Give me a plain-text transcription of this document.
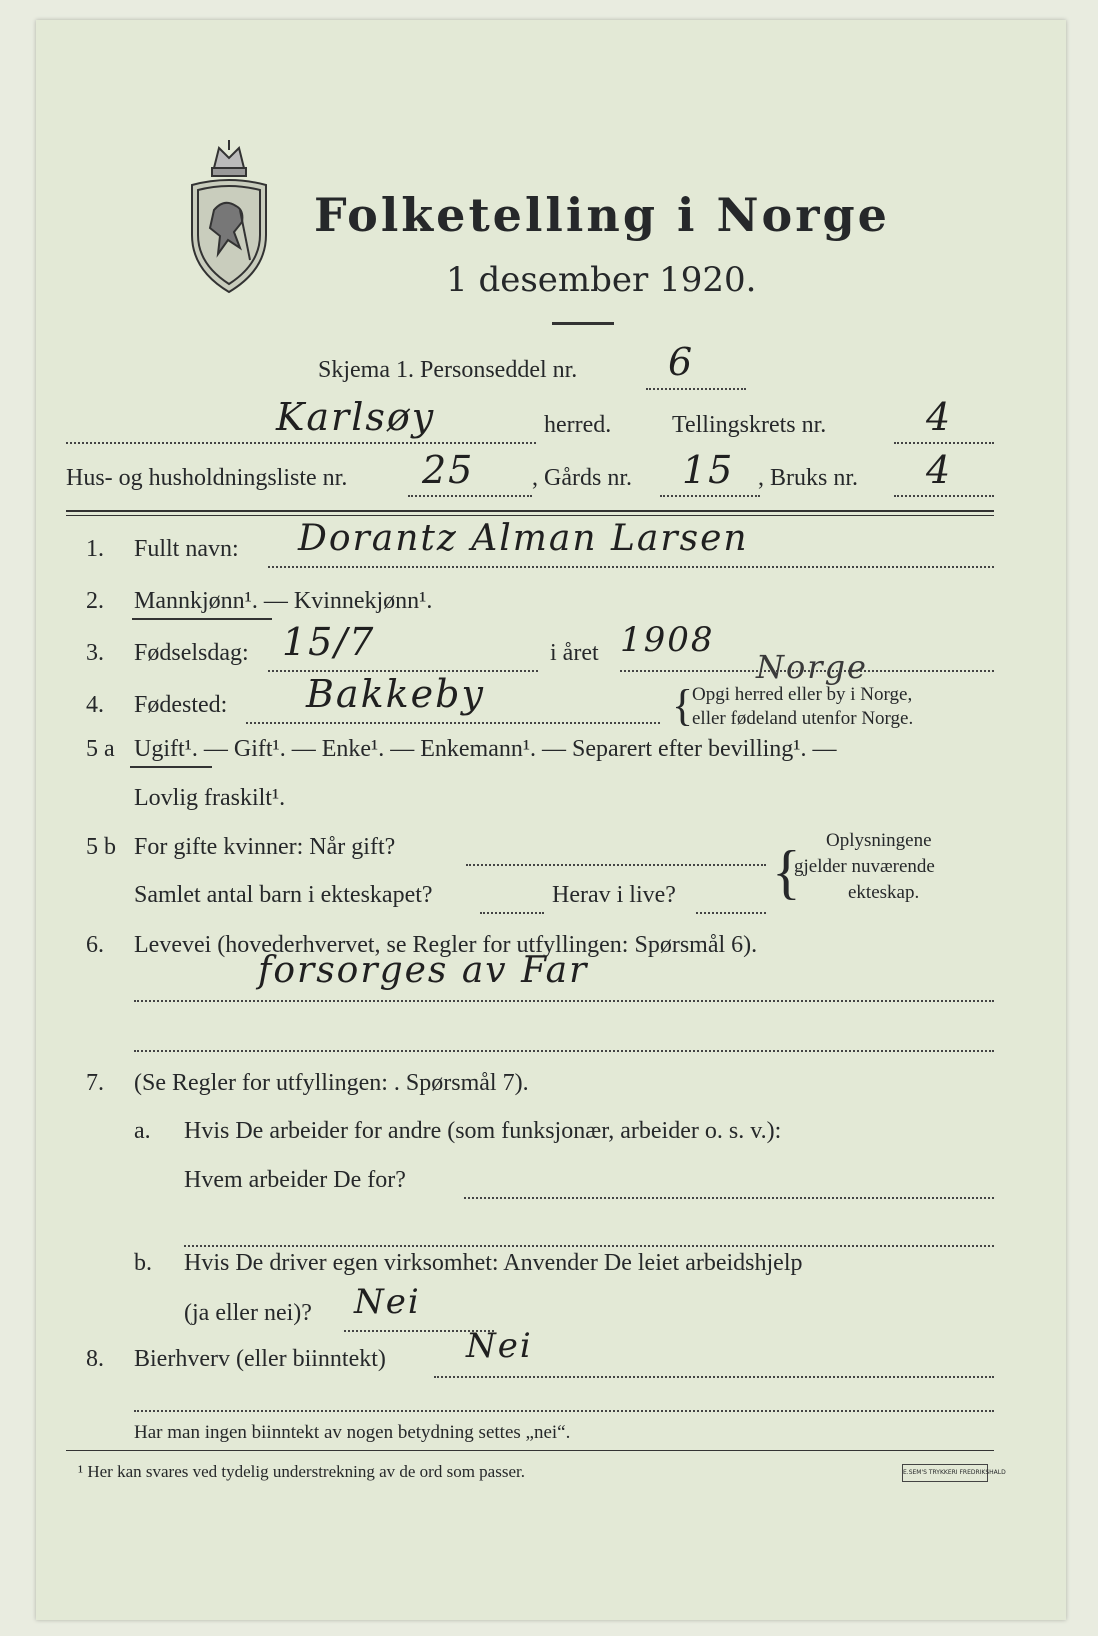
Folketelling i Norge
1 desember 1920.
Skjema 1. Personseddel nr. 6
Karlsøy	herred.	Tellingskrets nr.	4
Hus- og husholdningsliste nr. 25 , Gårds nr. 15 , Bruks nr. 4
1. Fullt navn: Dorantz Alman Larsen
2. Mannkjønn¹. — Kvinnekjønn¹.
3. Fødselsdag: 15/7	i året 1908
4. Fødested: Bakkeby
Norge
{
Opgi herred eller by i Norge,
eller fødeland utenfor Norge.
5 a Ugift¹. — Gift¹. — Enke¹. — Enkemann¹. — Separert efter bevilling¹. —
Lovlig fraskilt¹.
5 b For gifte kvinner: Når gift?
Samlet antal barn i ekteskapet?	Herav i live? { Oplysningene
gjelder nuværende
ekteskap.
6. Levevei (hovederhvervet, se Regler for utfyllingen: Spørsmål 6).
forsorges av Far
7. (Se Regler for utfyllingen: . Spørsmål 7).
a. Hvis De arbeider for andre (som funksjonær, arbeider o. s. v.):
Hvem arbeider De for?
b. Hvis De driver egen virksomhet: Anvender De leiet arbeidshjelp
(ja eller nei)? Nei
8. Bierhverv (eller biinntekt) Nei
Har man ingen biinntekt av nogen betydning settes „nei“.
¹ Her kan svares ved tydelig understrekning av de ord som passer.	E.SEM'S TRYKKERI FREDRIKSHALD
